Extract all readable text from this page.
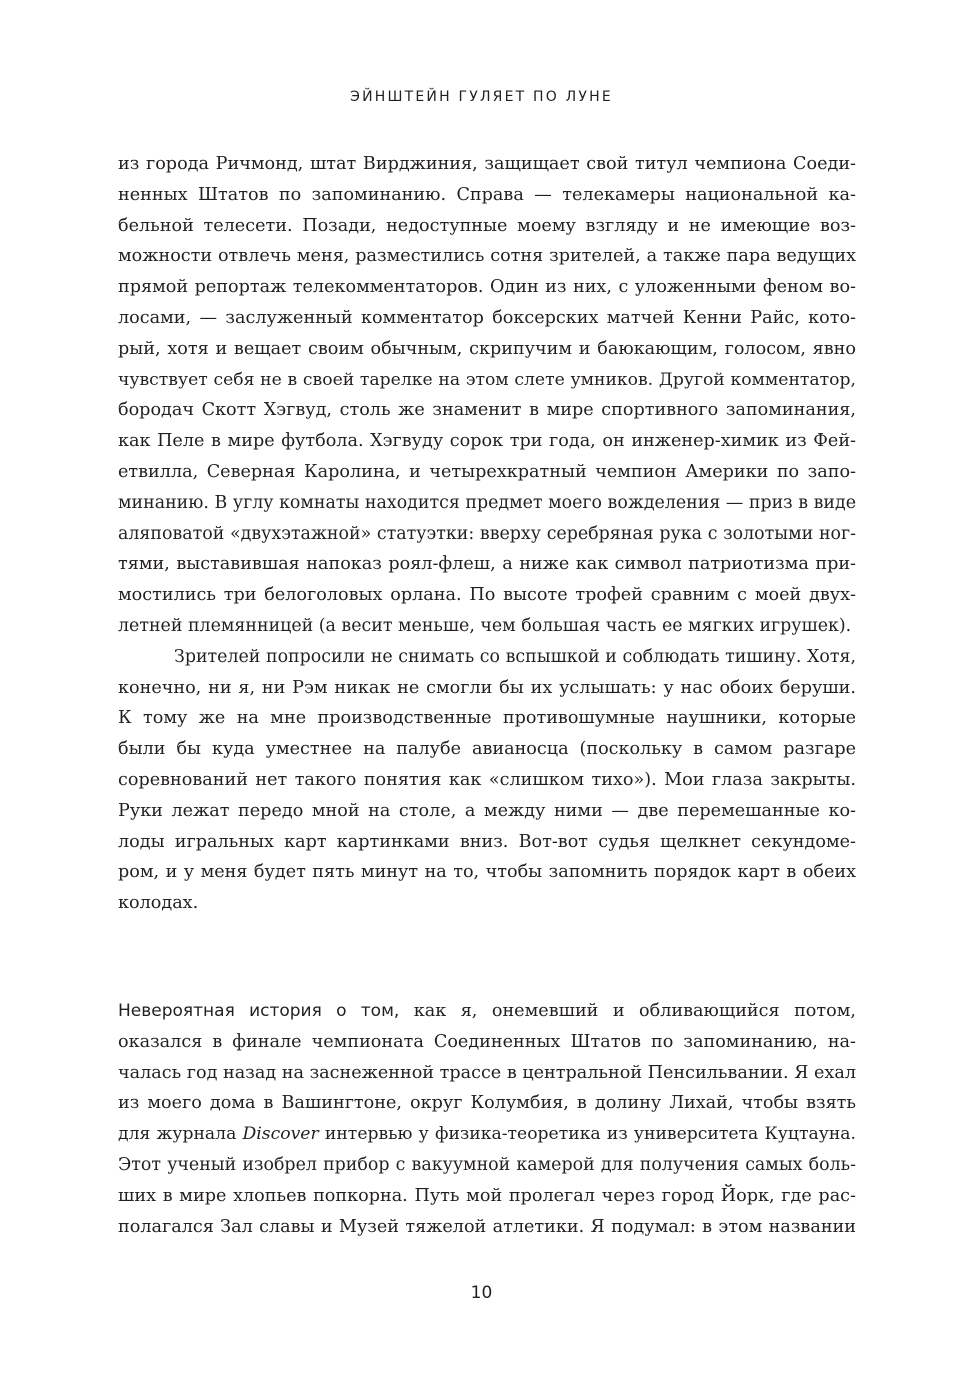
ЭЙНШТЕЙН ГУЛЯЕТ ПО ЛУНЕ
из города Ричмонд, штат Вирджиния, защищает свой титул чемпиона Соеди-
ненных Штатов по запоминанию. Справа — телекамеры национальной ка-
бельной телесети. Позади, недоступные моему взгляду и не имеющие воз-
можности отвлечь меня, разместились сотня зрителей, а также пара ведущих
прямой репортаж телекомментаторов. Один из них, с уложенными феном во-
лосами, — заслуженный комментатор боксерских матчей Кенни Райс, кото-
рый, хотя и вещает своим обычным, скрипучим и баюкающим, голосом, явно
чувствует себя не в своей тарелке на этом слете умников. Другой комментатор,
бородач Скотт Хэгвуд, столь же знаменит в мире спортивного запоминания,
как Пеле в мире футбола. Хэгвуду сорок три года, он инженер-химик из Фей-
етвилла, Северная Каролина, и четырехкратный чемпион Америки по запо-
минанию. В углу комнаты находится предмет моего вожделения — приз в виде
аляповатой «двухэтажной» статуэтки: вверху серебряная рука с золотыми ног-
тями, выставившая напоказ роял-флеш, а ниже как символ патриотизма при-
мостились три белоголовых орлана. По высоте трофей сравним с моей двух-
летней племянницей (а весит меньше, чем большая часть ее мягких игрушек).
Зрителей попросили не снимать со вспышкой и соблюдать тишину. Хотя,
конечно, ни я, ни Рэм никак не смогли бы их услышать: у нас обоих беруши.
К тому же на мне производственные противошумные наушники, которые
были бы куда уместнее на палубе авианосца (поскольку в самом разгаре
соревнований нет такого понятия как «слишком тихо»). Мои глаза закрыты.
Руки лежат передо мной на столе, а между ними — две перемешанные ко-
лоды игральных карт картинками вниз. Вот-вот судья щелкнет секундоме-
ром, и у меня будет пять минут на то, чтобы запомнить порядок карт в обеих
колодах.
Невероятная история о том, как я, онемевший и обливающийся потом,
оказался в финале чемпионата Соединенных Штатов по запоминанию, на-
чалась год назад на заснеженной трассе в центральной Пенсильвании. Я ехал
из моего дома в Вашингтоне, округ Колумбия, в долину Лихай, чтобы взять
для журнала Discover интервью у физика-теоретика из университета Куцтауна.
Этот ученый изобрел прибор с вакуумной камерой для получения самых боль-
ших в мире хлопьев попкорна. Путь мой пролегал через город Йорк, где рас-
полагался Зал славы и Музей тяжелой атлетики. Я подумал: в этом названии
10
